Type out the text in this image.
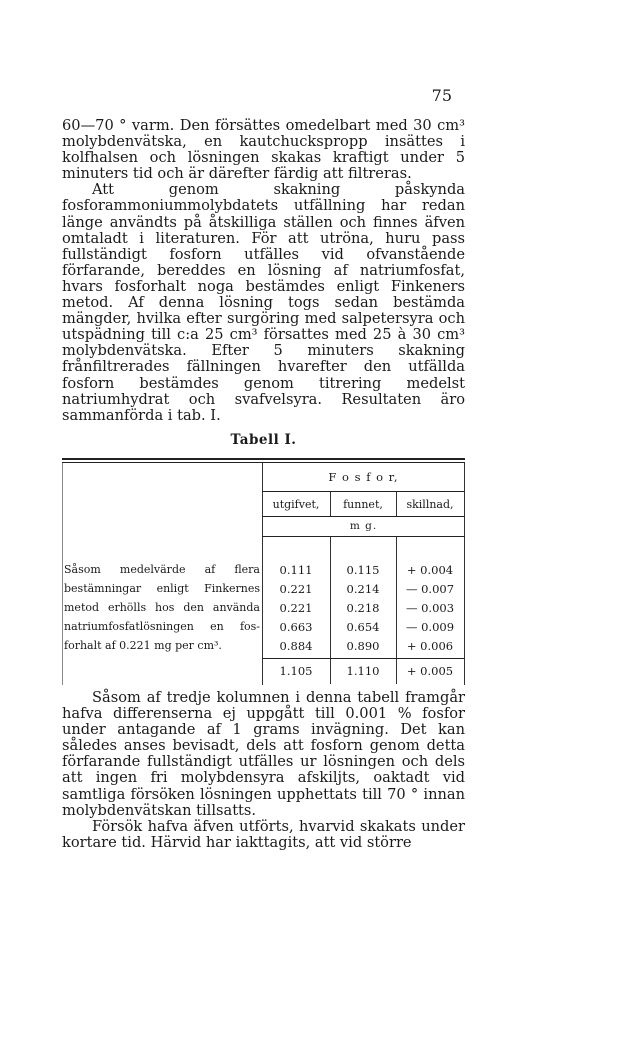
75

60—70 ° varm. Den försättes omedelbart med 30 cm³ molybdenvätska, en kautchuckspropp insättes i kolfhalsen och lösningen skakas kraftigt under 5 minuters tid och är därefter färdig att filtreras.

Att genom skakning påskynda fosforammoniummolybdatets utfällning har redan länge användts på åtskilliga ställen och finnes äfven omtaladt i literaturen. För att utröna, huru pass fullständigt fosforn utfälles vid ofvanstående förfarande, bereddes en lösning af natriumfosfat, hvars fosforhalt noga bestämdes enligt Finkeners metod. Af denna lösning togs sedan bestämda mängder, hvilka efter surgöring med salpetersyra och utspädning till c:a 25 cm³ försattes med 25 à 30 cm³ molybdenvätska. Efter 5 minuters skakning frånfiltrerades fällningen hvarefter den utfällda fosforn bestämdes genom titrering medelst natriumhydrat och svafvelsyra. Resultaten äro sammanförda i tab. I.

Tabell I.
F o s f o r,
utgifvet,	funnet,	skillnad,
m g.
Såsom medelvärde af flera
bestämningar enligt Finkernes
metod erhölls hos den använda
natriumfosfatlösningen en fos-
forhalt af 0.221 mg per cm³.
0.111	0.115	+ 0.004
0.221	0.214	— 0.007
0.221	0.218	— 0.003
0.663	0.654	— 0.009
0.884	0.890	+ 0.006
1.105	1.110	+ 0.005

Såsom af tredje kolumnen i denna tabell framgår hafva differenserna ej uppgått till 0.001 % fosfor under antagande af 1 grams invägning. Det kan således anses bevisadt, dels att fosforn genom detta förfarande fullständigt utfälles ur lösningen och dels att ingen fri molybdensyra afskiljts, oaktadt vid samtliga försöken lösningen upphettats till 70 ° innan molybdenvätskan tillsatts.

Försök hafva äfven utförts, hvarvid skakats under kortare tid. Härvid har iakttagits, att vid större
